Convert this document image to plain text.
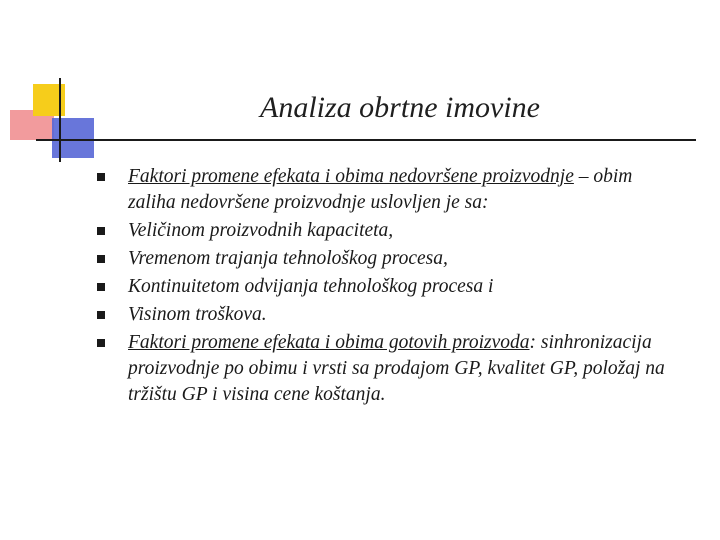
Analiza obrtne imovine
Faktori promene efekata i obima nedovršene proizvodnje – obim zaliha nedovršene proizvodnje uslovljen je sa:
Veličinom proizvodnih kapaciteta,
Vremenom trajanja tehnološkog procesa,
Kontinuitetom odvijanja tehnološkog procesa i
Visinom troškova.
Faktori promene efekata i obima gotovih proizvoda: sinhronizacija proizvodnje po obimu i vrsti sa prodajom GP, kvalitet GP, položaj na tržištu GP i visina cene koštanja.
